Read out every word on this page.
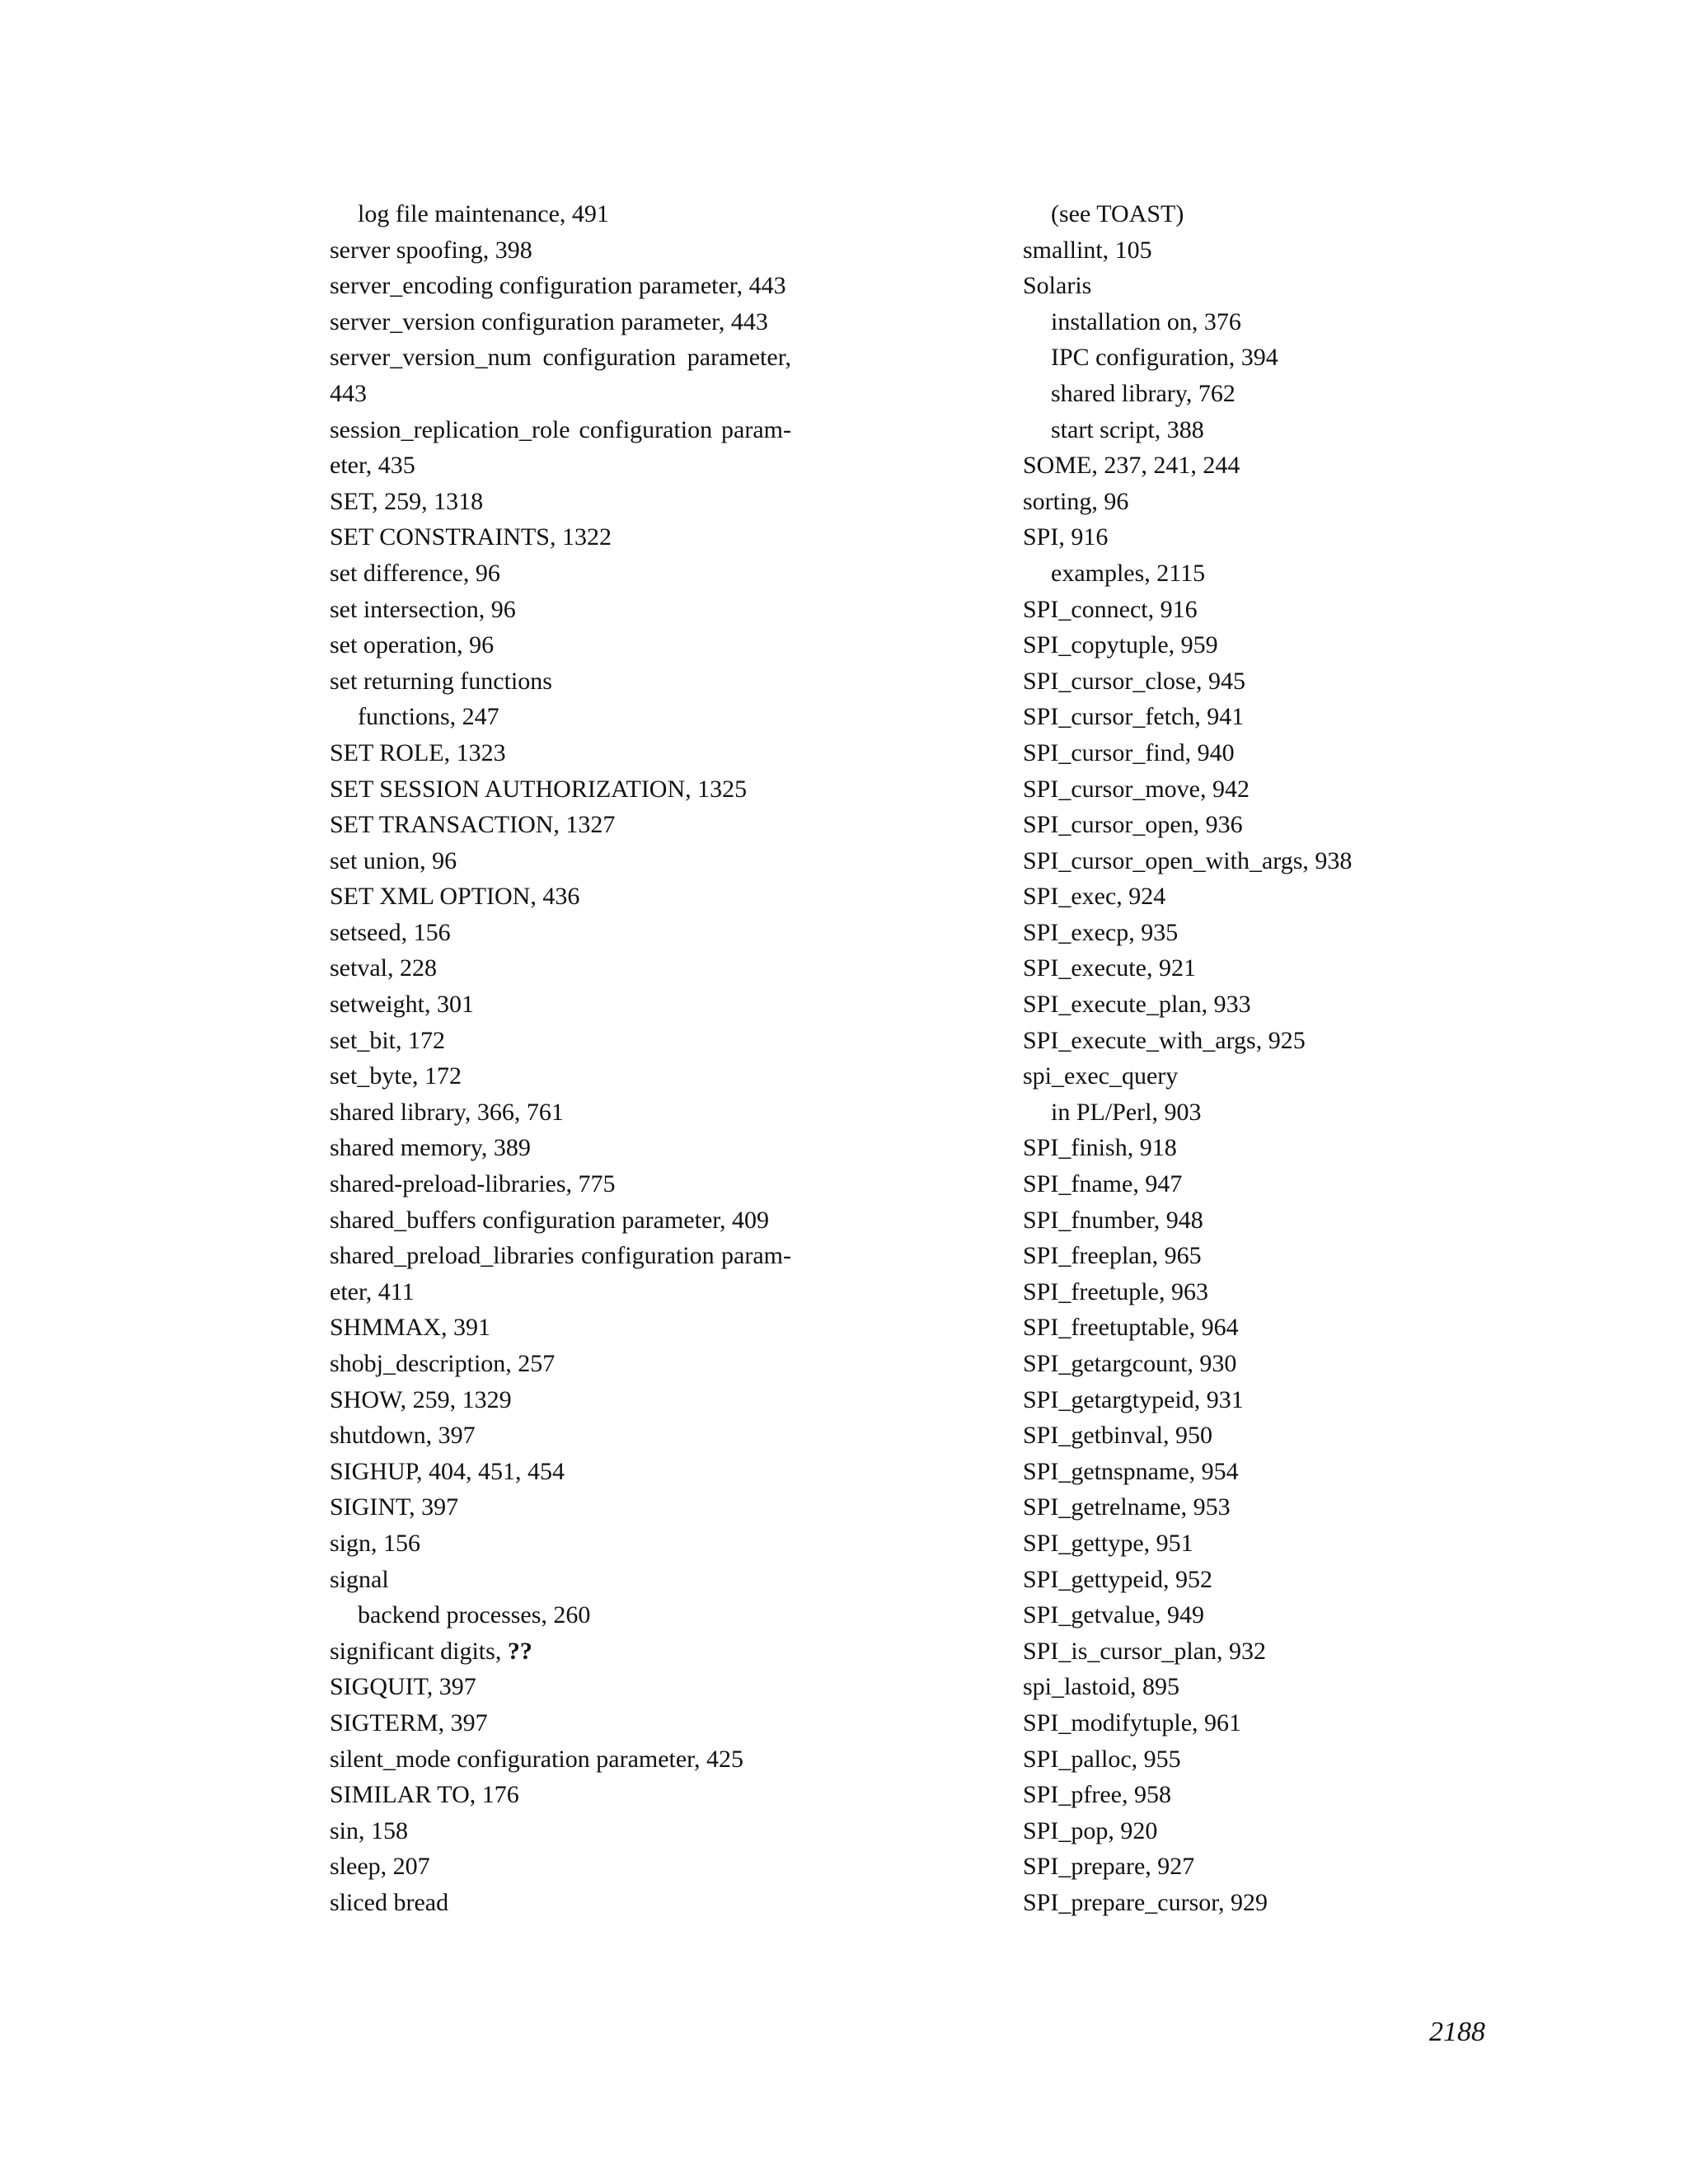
log file maintenance, 491
server spoofing, 398
server_encoding configuration parameter, 443
server_version configuration parameter, 443
server_version_num configuration parameter,
443
session_replication_role configuration param-
eter, 435
SET, 259, 1318
SET CONSTRAINTS, 1322
set difference, 96
set intersection, 96
set operation, 96
set returning functions
functions, 247
SET ROLE, 1323
SET SESSION AUTHORIZATION, 1325
SET TRANSACTION, 1327
set union, 96
SET XML OPTION, 436
setseed, 156
setval, 228
setweight, 301
set_bit, 172
set_byte, 172
shared library, 366, 761
shared memory, 389
shared-preload-libraries, 775
shared_buffers configuration parameter, 409
shared_preload_libraries configuration param-
eter, 411
SHMMAX, 391
shobj_description, 257
SHOW, 259, 1329
shutdown, 397
SIGHUP, 404, 451, 454
SIGINT, 397
sign, 156
signal
backend processes, 260
significant digits, ??
SIGQUIT, 397
SIGTERM, 397
silent_mode configuration parameter, 425
SIMILAR TO, 176
sin, 158
sleep, 207
sliced bread
(see TOAST)
smallint, 105
Solaris
installation on, 376
IPC configuration, 394
shared library, 762
start script, 388
SOME, 237, 241, 244
sorting, 96
SPI, 916
examples, 2115
SPI_connect, 916
SPI_copytuple, 959
SPI_cursor_close, 945
SPI_cursor_fetch, 941
SPI_cursor_find, 940
SPI_cursor_move, 942
SPI_cursor_open, 936
SPI_cursor_open_with_args, 938
SPI_exec, 924
SPI_execp, 935
SPI_execute, 921
SPI_execute_plan, 933
SPI_execute_with_args, 925
spi_exec_query
in PL/Perl, 903
SPI_finish, 918
SPI_fname, 947
SPI_fnumber, 948
SPI_freeplan, 965
SPI_freetuple, 963
SPI_freetuptable, 964
SPI_getargcount, 930
SPI_getargtypeid, 931
SPI_getbinval, 950
SPI_getnspname, 954
SPI_getrelname, 953
SPI_gettype, 951
SPI_gettypeid, 952
SPI_getvalue, 949
SPI_is_cursor_plan, 932
spi_lastoid, 895
SPI_modifytuple, 961
SPI_palloc, 955
SPI_pfree, 958
SPI_pop, 920
SPI_prepare, 927
SPI_prepare_cursor, 929
2188
